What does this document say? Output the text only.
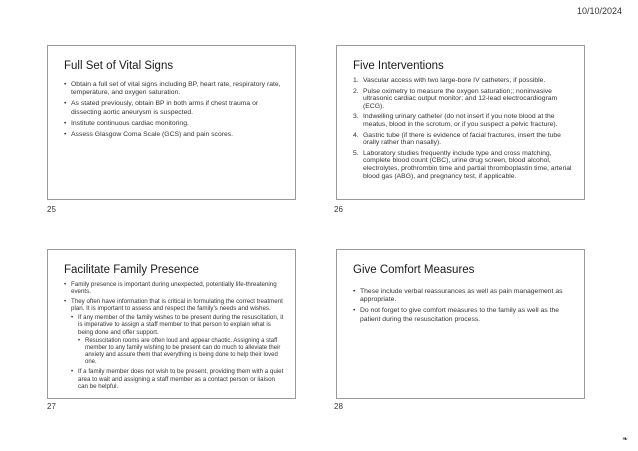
10/10/2024
Full Set of Vital Signs
• Obtain a full set of vital signs including BP, heart rate, respiratory rate, temperature, and oxygen saturation.
• As stated previously, obtain BP in both arms if chest trauma or dissecting aortic aneurysm is suspected.
• Institute continuous cardiac monitoring.
• Assess Glasgow Coma Scale (GCS) and pain scores.
25
Five Interventions
1. Vascular access with two large-bore IV catheters, if possible.
2. Pulse oximetry to measure the oxygen saturation;; noninvasive ultrasonic cardiac output monitor; and 12-lead electrocardiogram (ECG).
3. Indwelling urinary catheter (do not insert if you note blood at the meatus, blood in the scrotum, or if you suspect a pelvic fracture).
4. Gastric tube (if there is evidence of facial fractures, insert the tube orally rather than nasally).
5. Laboratory studies frequently include type and cross matching, complete blood count (CBC), urine drug screen, blood alcohol, electrolytes, prothrombin time and partial thromboplastin time, arterial blood gas (ABG), and pregnancy test, if applicable.
26
Facilitate Family Presence
• Family presence is important during unexpected, potentially life-threatening events.
• They often have information that is critical in formulating the correct treatment plan. It is important to assess and respect the family’s needs and wishes.
• If any member of the family wishes to be present during the resuscitation, it is imperative to assign a staff member to that person to explain what is being done and offer support.
• Resuscitation rooms are often loud and appear chaotic. Assigning a staff member to any family wishing to be present can do much to alleviate their anxiety and assure them that everything is being done to help their loved one.
• If a family member does not wish to be present, providing them with a quiet area to wait and assigning a staff member as a contact person or liaison can be helpful.
27
Give Comfort Measures
• These include verbal reassurances as well as pain management as appropriate.
• Do not forget to give comfort measures to the family as well as the patient during the resuscitation process.
28
❧
